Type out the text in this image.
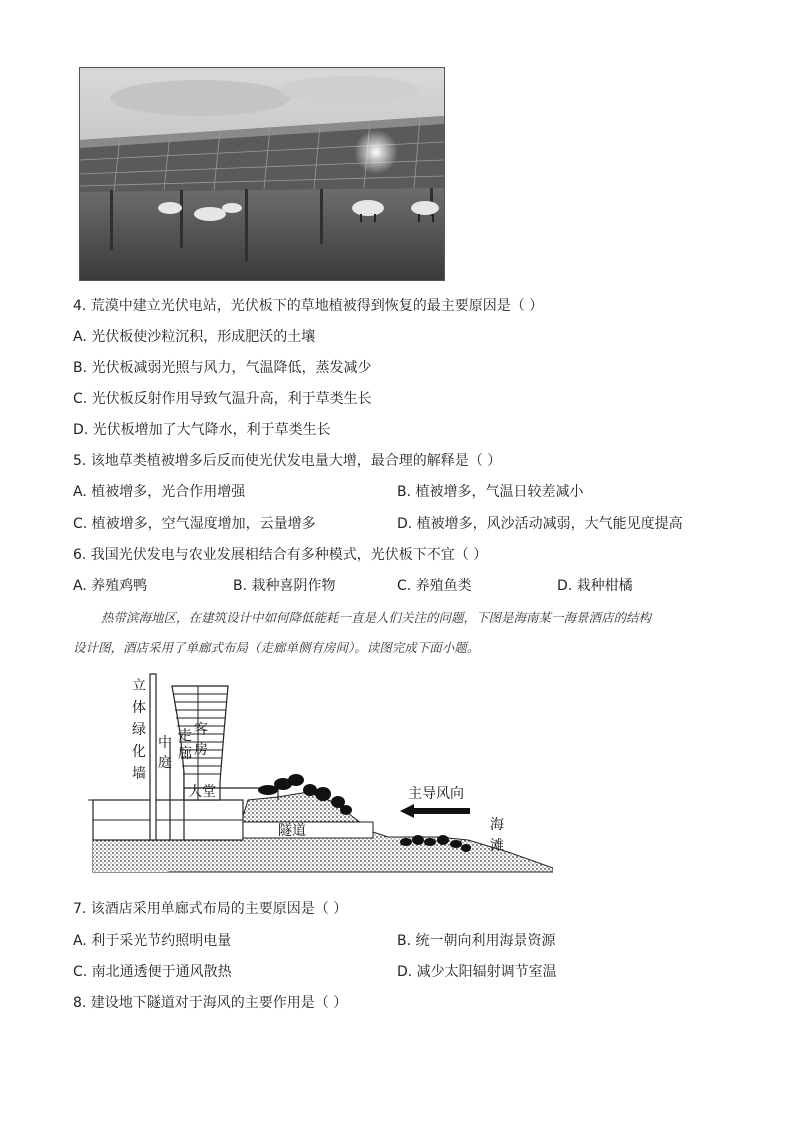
4. 荒漠中建立光伏电站，光伏板下的草地植被得到恢复的最主要原因是（ ）
A. 光伏板使沙粒沉积，形成肥沃的土壤
B. 光伏板减弱光照与风力，气温降低，蒸发减少
C. 光伏板反射作用导致气温升高，利于草类生长
D. 光伏板增加了大气降水，利于草类生长
5. 该地草类植被增多后反而使光伏发电量大增，最合理的解释是（ ）
A. 植被增多，光合作用增强	B. 植被增多，气温日较差减小
C. 植被增多，空气湿度增加，云量增多	D. 植被增多，风沙活动减弱，大气能见度提高
6. 我国光伏发电与农业发展相结合有多种模式，光伏板下不宜（ ）
A. 养殖鸡鸭	B. 栽种喜阴作物	C. 养殖鱼类	D. 栽种柑橘
热带滨海地区，在建筑设计中如何降低能耗一直是人们关注的问题，下图是海南某一海景酒店的结构
设计图，酒店采用了单廊式布局（走廊单侧有房间）。读图完成下面小题。
立
体
绿
化
墙
中
庭
走
廊
客
房
大堂
隧道
主导风向
海
滩
7. 该酒店采用单廊式布局的主要原因是（ ）
A. 利于采光节约照明电量	B. 统一朝向利用海景资源
C. 南北通透便于通风散热	D. 减少太阳辐射调节室温
8. 建设地下隧道对于海风的主要作用是（ ）
